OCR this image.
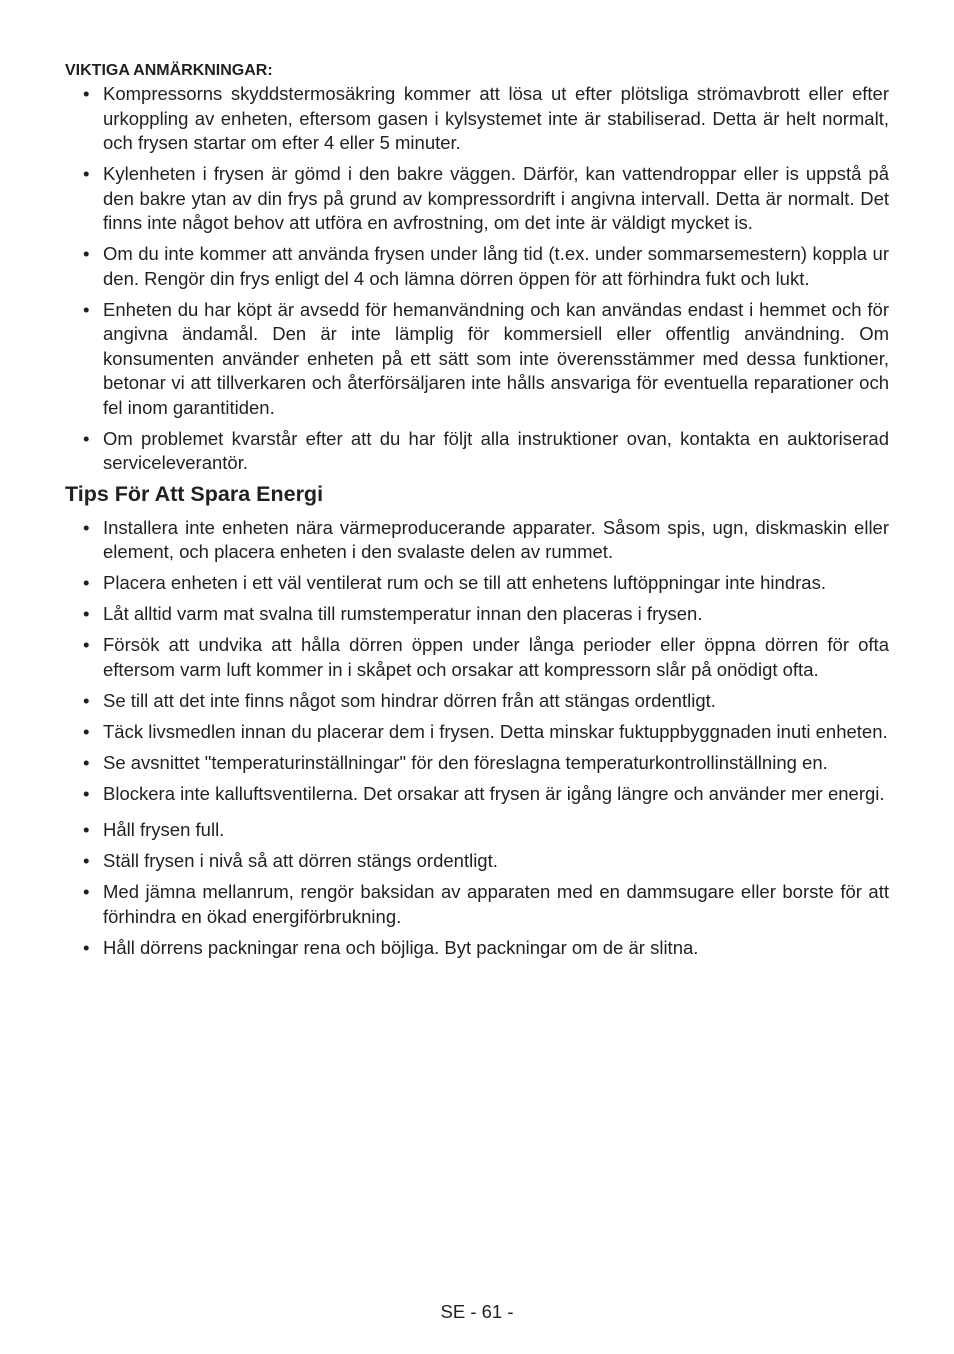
VIKTIGA ANMÄRKNINGAR:
• Kompressorns skyddstermosäkring kommer att lösa ut efter plötsliga strömavbrott eller efter urkoppling av enheten, eftersom gasen i kylsystemet inte är stabiliserad. Detta är helt normalt, och frysen startar om efter 4 eller 5 minuter.
• Kylenheten i frysen är gömd i den bakre väggen. Därför, kan vattendroppar eller is uppstå på den bakre ytan av din frys på grund av kompressordrift i angivna intervall. Detta är normalt. Det finns inte något behov att utföra en avfrostning, om det inte är väldigt mycket is.
• Om du inte kommer att använda frysen under lång tid (t.ex. under sommarsemestern) koppla ur den. Rengör din frys enligt del 4 och lämna dörren öppen för att förhindra fukt och lukt.
• Enheten du har köpt är avsedd för hemanvändning och kan användas endast i hemmet och för angivna ändamål. Den är inte lämplig för kommersiell eller offentlig användning. Om konsumenten använder enheten på ett sätt som inte överensstämmer med dessa funktioner, betonar vi att tillverkaren och återförsäljaren inte hålls ansvariga för eventuella reparationer och fel inom garantitiden.
• Om problemet kvarstår efter att du har följt alla instruktioner ovan, kontakta en auktoriserad serviceleverantör.
Tips För Att Spara Energi
• Installera inte enheten nära värmeproducerande apparater. Såsom spis, ugn, diskmaskin eller element, och placera enheten i den svalaste delen av rummet.
• Placera enheten i ett väl ventilerat rum och se till att enhetens luftöppningar inte hindras.
• Låt alltid varm mat svalna till rumstemperatur innan den placeras i frysen.
• Försök att undvika att hålla dörren öppen under långa perioder eller öppna dörren för ofta eftersom varm luft kommer in i skåpet och orsakar att kompressorn slår på onödigt ofta.
• Se till att det inte finns något som hindrar dörren från att stängas ordentligt.
• Täck livsmedlen innan du placerar dem i frysen. Detta minskar fuktuppbyggnaden inuti enheten.
• Se avsnittet "temperaturinställningar" för den föreslagna temperaturkontrollinställning en.
• Blockera inte kalluftsventilerna. Det orsakar att frysen är igång längre och använder mer energi.
• Håll frysen full.
• Ställ frysen i nivå så att dörren stängs ordentligt.
• Med jämna mellanrum, rengör baksidan av apparaten med en dammsugare eller borste för att förhindra en ökad energiförbrukning.
• Håll dörrens packningar rena och böjliga. Byt packningar om de är slitna.
SE - 61 -
